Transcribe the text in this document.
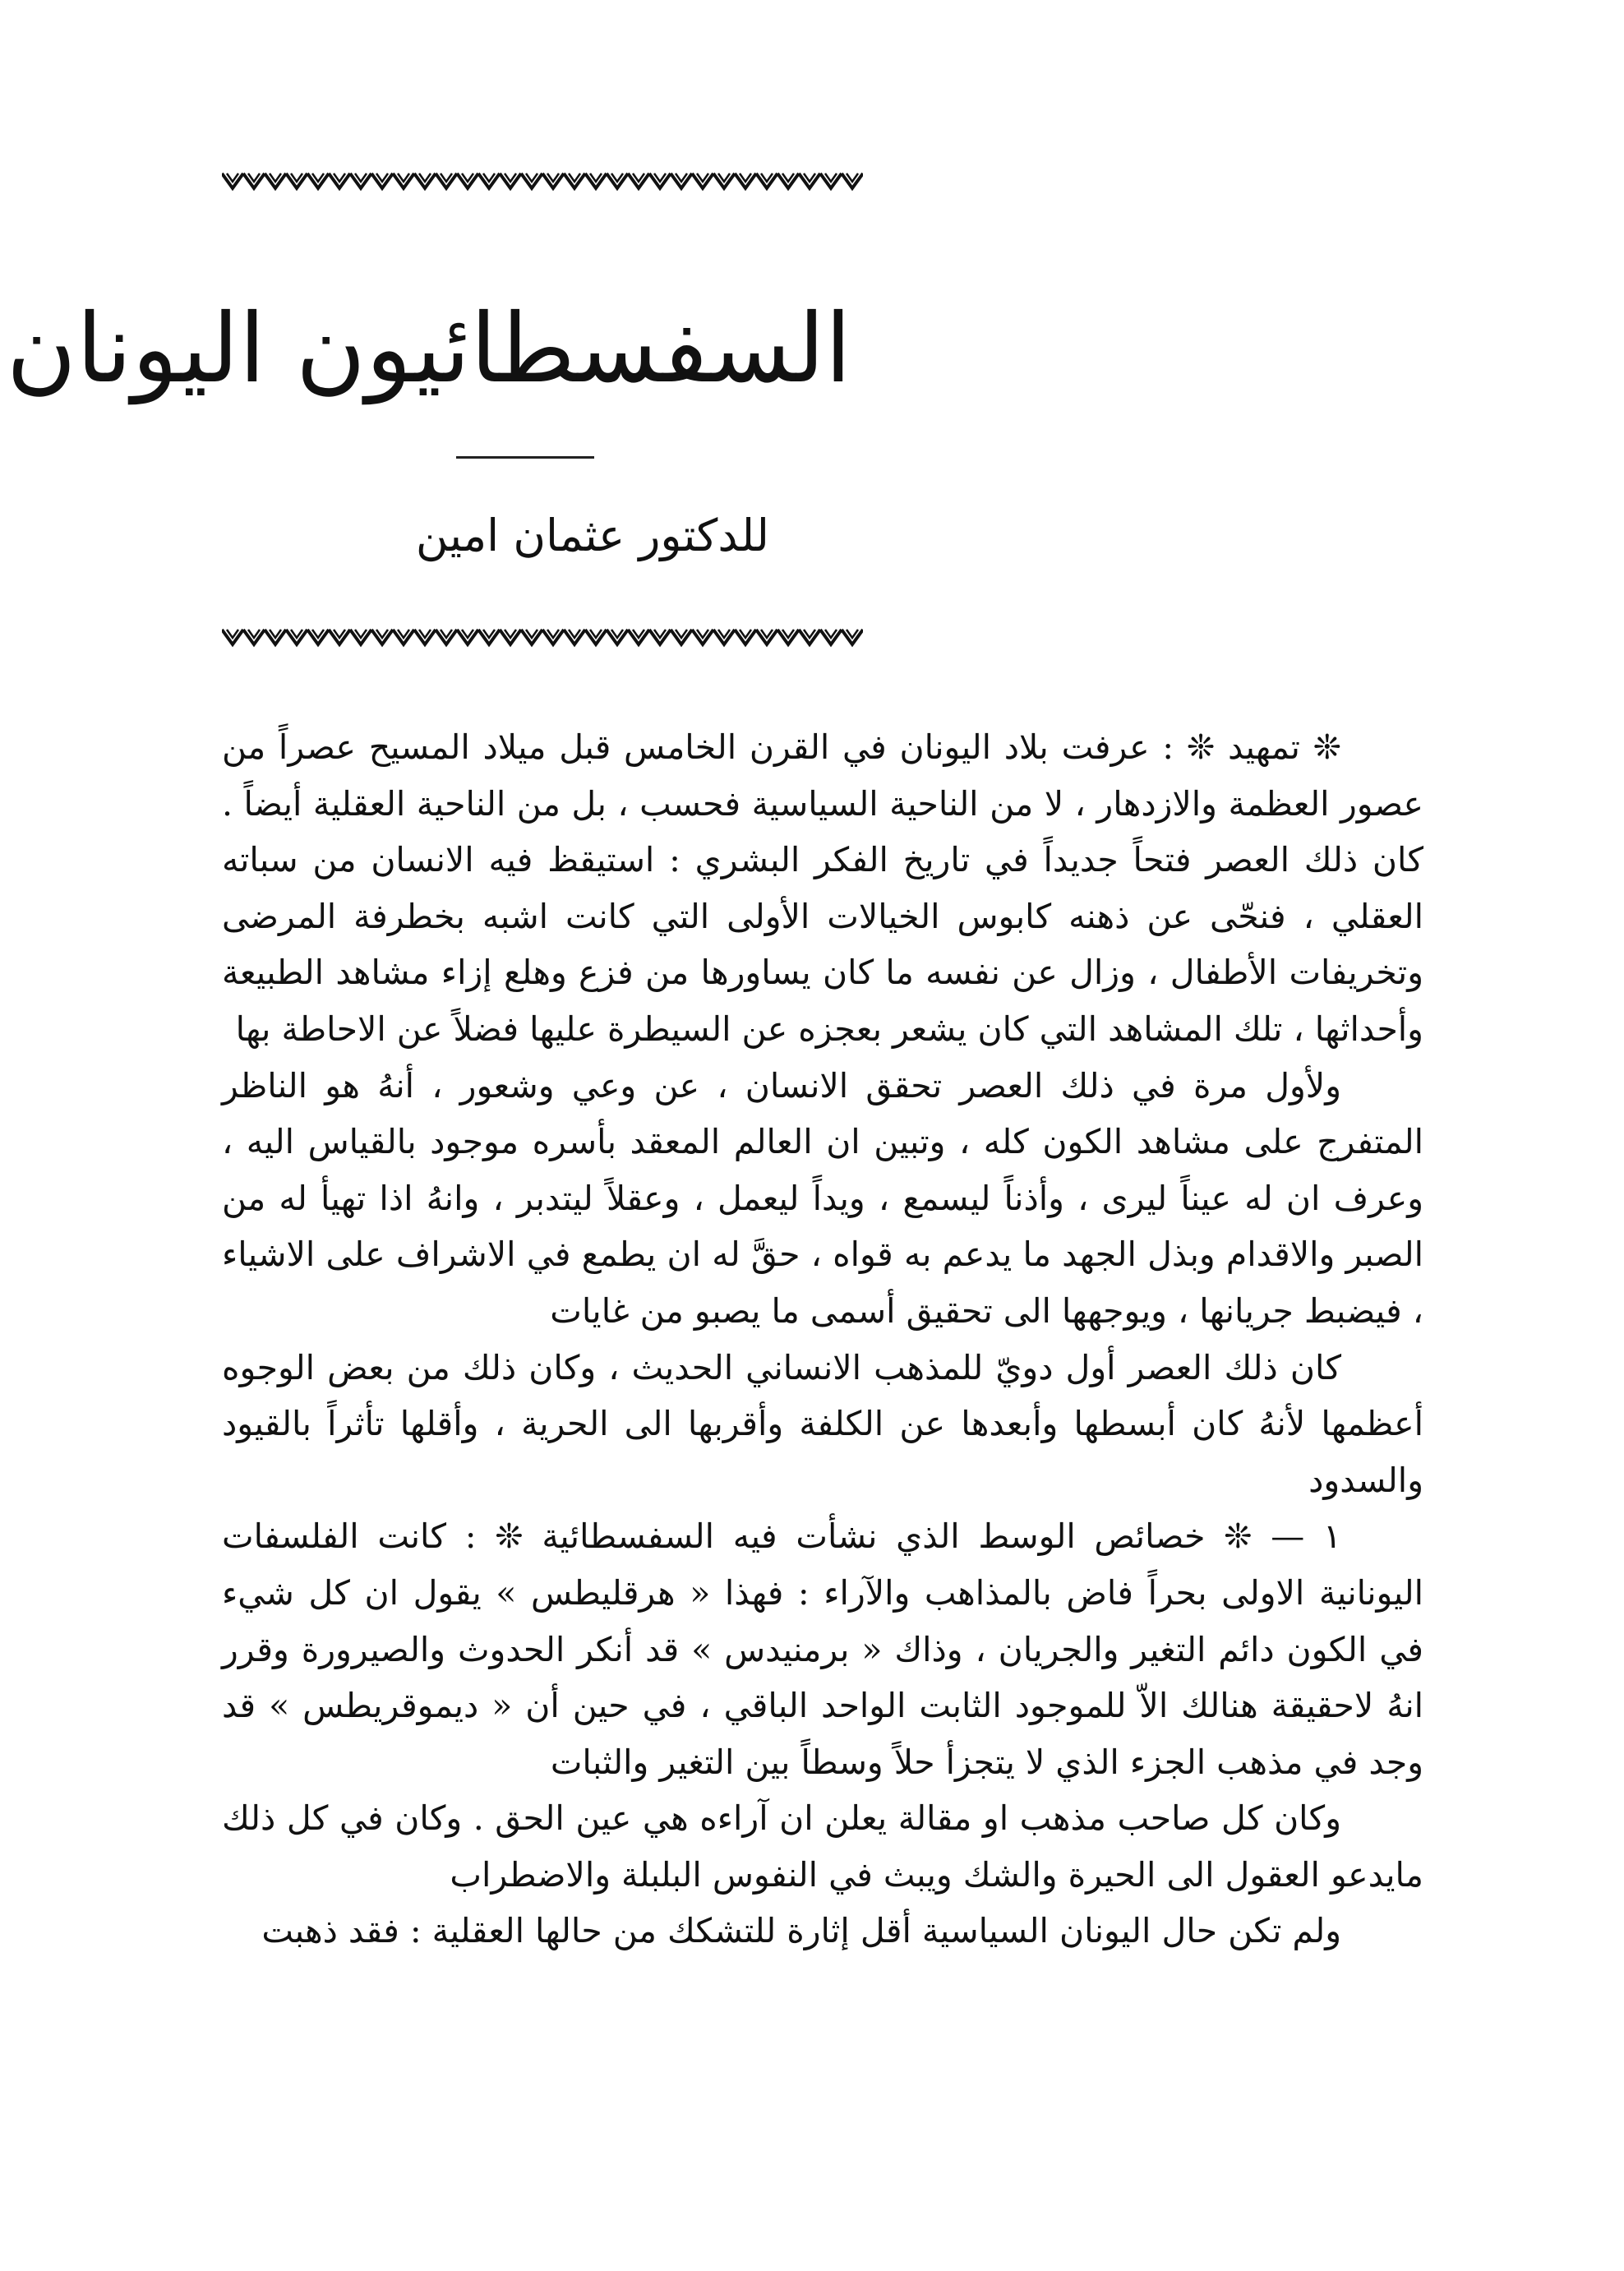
السفسطائيون اليونان
للدكتور عثمان امين

❊ تمهيد ❊ : عرفت بلاد اليونان في القرن الخامس قبل ميلاد المسيح عصراً من عصور العظمة والازدهار ، لا من الناحية السياسية فحسب ، بل من الناحية العقلية أيضاً . كان ذلك العصر فتحاً جديداً في تاريخ الفكر البشري : استيقظ فيه الانسان من سباته العقلي ، فنحّى عن ذهنه كابوس الخيالات الأولى التي كانت اشبه بخطرفة المرضى وتخريفات الأطفال ، وزال عن نفسه ما كان يساورها من فزع وهلع إزاء مشاهد الطبيعة وأحداثها ، تلك المشاهد التي كان يشعر بعجزه عن السيطرة عليها فضلاً عن الاحاطة بها

ولأول مرة في ذلك العصر تحقق الانسان ، عن وعي وشعور ، أنهُ هو الناظر المتفرج على مشاهد الكون كله ، وتبين ان العالم المعقد بأسره موجود بالقياس اليه ، وعرف ان له عيناً ليرى ، وأذناً ليسمع ، ويداً ليعمل ، وعقلاً ليتدبر ، وانهُ اذا تهيأ له من الصبر والاقدام وبذل الجهد ما يدعم به قواه ، حقَّ له ان يطمع في الاشراف على الاشياء ، فيضبط جريانها ، ويوجهها الى تحقيق أسمى ما يصبو من غايات

كان ذلك العصر أول دويّ للمذهب الانساني الحديث ، وكان ذلك من بعض الوجوه أعظمها لأنهُ كان أبسطها وأبعدها عن الكلفة وأقربها الى الحرية ، وأقلها تأثراً بالقيود والسدود

١ — ❊ خصائص الوسط الذي نشأت فيه السفسطائية ❊ : كانت الفلسفات اليونانية الاولى بحراً فاض بالمذاهب والآراء : فهذا « هرقليطس » يقول ان كل شيء في الكون دائم التغير والجريان ، وذاك « برمنيدس » قد أنكر الحدوث والصيرورة وقرر انهُ لاحقيقة هنالك الاّ للموجود الثابت الواحد الباقي ، في حين أن « ديموقريطس » قد وجد في مذهب الجزء الذي لا يتجزأ حلاً وسطاً بين التغير والثبات

وكان كل صاحب مذهب او مقالة يعلن ان آراءه هي عين الحق . وكان في كل ذلك مايدعو العقول الى الحيرة والشك ويبث في النفوس البلبلة والاضطراب

ولم تكن حال اليونان السياسية أقل إثارة للتشكك من حالها العقلية : فقد ذهبت
